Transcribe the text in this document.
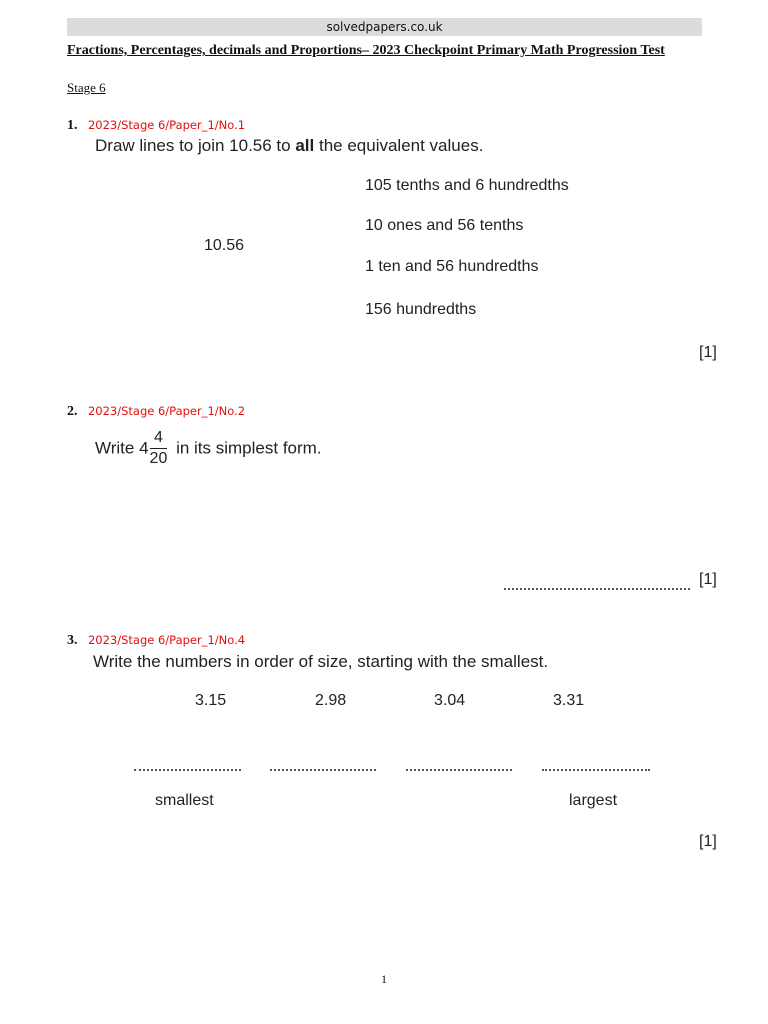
solvedpapers.co.uk
Fractions, Percentages, decimals and Proportions– 2023 Checkpoint Primary Math Progression Test
Stage 6
1. 2023/Stage 6/Paper_1/No.1
Draw lines to join 10.56 to all the equivalent values.
10.56
105 tenths and 6 hundredths
10 ones and 56 tenths
1 ten and 56 hundredths
156 hundredths
[1]
2. 2023/Stage 6/Paper_1/No.2
Write $4 \frac{4}{20}$ in its simplest form.
[1]
3. 2023/Stage 6/Paper_1/No.4
Write the numbers in order of size, starting with the smallest.
3.15	2.98	3.04	3.31
smallest	largest
[1]
1
